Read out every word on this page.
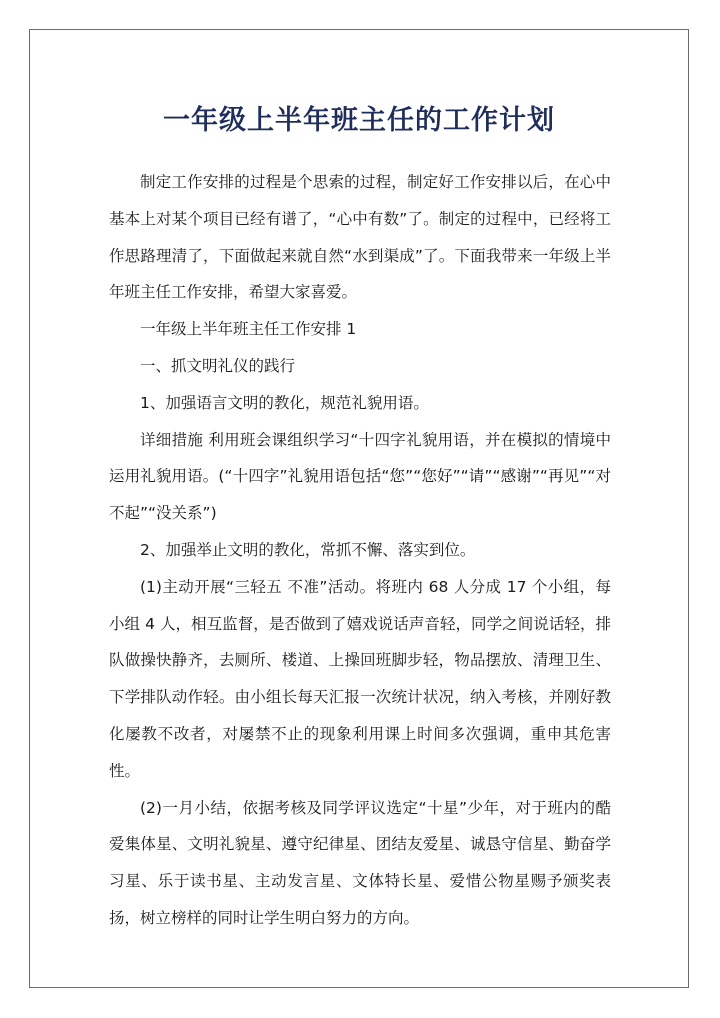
一年级上半年班主任的工作计划

制定工作安排的过程是个思索的过程，制定好工作安排以后，在心中基本上对某个项目已经有谱了，“心中有数”了。制定的过程中，已经将工作思路理清了，下面做起来就自然“水到渠成”了。下面我带来一年级上半年班主任工作安排，希望大家喜爱。

一年级上半年班主任工作安排 1

一、抓文明礼仪的践行

1、加强语言文明的教化，规范礼貌用语。

详细措施 利用班会课组织学习“十四字礼貌用语，并在模拟的情境中运用礼貌用语。(“十四字”礼貌用语包括“您”“您好”“请”“感谢”“再见”“对不起”“没关系”)

2、加强举止文明的教化，常抓不懈、落实到位。

(1)主动开展“三轻五 不准”活动。将班内 68 人分成 17 个小组，每小组 4 人，相互监督，是否做到了嬉戏说话声音轻，同学之间说话轻，排队做操快静齐，去厕所、楼道、上操回班脚步轻，物品摆放、清理卫生、下学排队动作轻。由小组长每天汇报一次统计状况，纳入考核，并刚好教化屡教不改者，对屡禁不止的现象利用课上时间多次强调，重申其危害性。

(2)一月小结，依据考核及同学评议选定“十星”少年，对于班内的酷爱集体星、文明礼貌星、遵守纪律星、团结友爱星、诚恳守信星、勤奋学习星、乐于读书星、主动发言星、文体特长星、爱惜公物星赐予颁奖表扬，树立榜样的同时让学生明白努力的方向。
